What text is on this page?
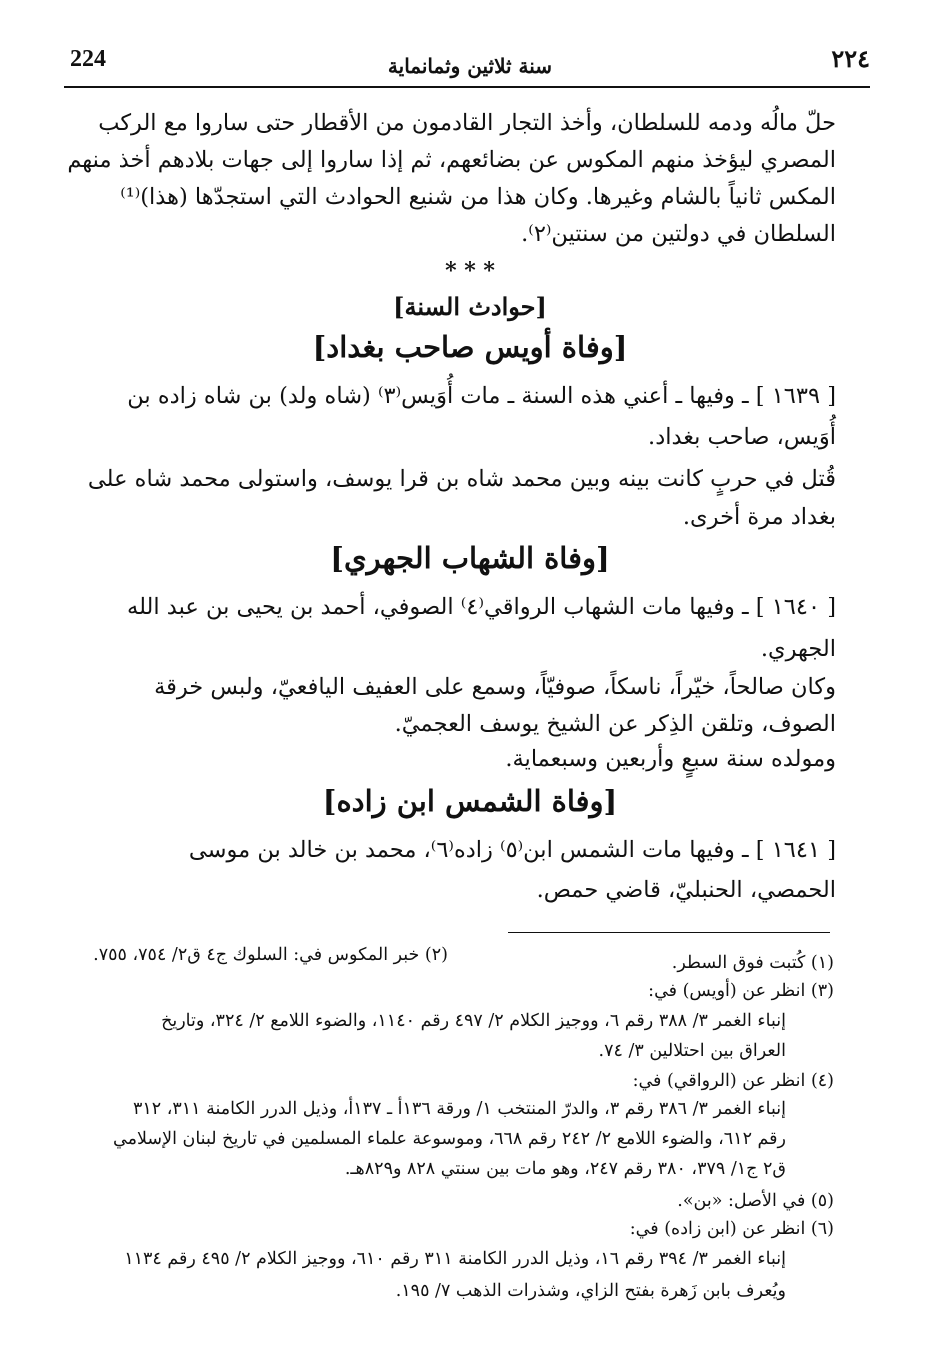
224	سنة ثلاثين وثمانماية	٢٢٤
حلّ مالُه ودمه للسلطان، وأخذ التجار القادمون من الأقطار حتى ساروا مع الركب
المصري ليؤخذ منهم المكوس عن بضائعهم، ثم إذا ساروا إلى جهات بلادهم أخذ منهم
المكس ثانياً بالشام وغيرها. وكان هذا من شنيع الحوادث التي استجدّها (هذا)⁽¹⁾
السلطان في دولتين من سنتين⁽٢⁾.
* * *
[حوادث السنة]
[وفاة أويس صاحب بغداد]
[ ١٦٣٩ ] ـ وفيها ـ أعني هذه السنة ـ مات أُوَيس⁽٣⁾ (شاه ولد) بن شاه زاده بن
أُوَيس، صاحب بغداد.
قُتل في حربٍ كانت بينه وبين محمد شاه بن قرا يوسف، واستولى محمد شاه على
بغداد مرة أخرى.
[وفاة الشهاب الجهري]
[ ١٦٤٠ ] ـ وفيها مات الشهاب الرواقي⁽٤⁾ الصوفي، أحمد بن يحيى بن عبد الله
الجهري.
وكان صالحاً، خيّراً، ناسكاً، صوفيّاً، وسمع على العفيف اليافعيّ، ولبس خرقة
الصوف، وتلقن الذِكر عن الشيخ يوسف العجميّ.
ومولده سنة سبعٍ وأربعين وسبعماية.
[وفاة الشمس ابن زاده]
[ ١٦٤١ ] ـ وفيها مات الشمس ابن⁽٥⁾ زاده⁽٦⁾، محمد بن خالد بن موسى
الحمصي، الحنبليّ، قاضي حمص.
(٢) خبر المكوس في: السلوك ج٤ ق٢/ ٧٥٤، ٧٥٥.	(١) كُتبت فوق السطر.
(٣) انظر عن (أويس) في:
إنباء الغمر ٣/ ٣٨٨ رقم ٦، ووجيز الكلام ٢/ ٤٩٧ رقم ١١٤٠، والضوء اللامع ٢/ ٣٢٤، وتاريخ
العراق بين احتلالين ٣/ ٧٤.
(٤) انظر عن (الرواقي) في:
إنباء الغمر ٣/ ٣٨٦ رقم ٣، والدرّ المنتخب ١/ ورقة ١٣٦أ ـ ١٣٧أ، وذيل الدرر الكامنة ٣١١، ٣١٢
رقم ٦١٢، والضوء اللامع ٢/ ٢٤٢ رقم ٦٦٨، وموسوعة علماء المسلمين في تاريخ لبنان الإسلامي
ق٢ ج١/ ٣٧٩، ٣٨٠ رقم ٢٤٧، وهو مات بين سنتي ٨٢٨ و٨٢٩هـ.
(٥) في الأصل: «بن».
(٦) انظر عن (ابن زاده) في:
إنباء الغمر ٣/ ٣٩٤ رقم ١٦، وذيل الدرر الكامنة ٣١١ رقم ٦١٠، ووجيز الكلام ٢/ ٤٩٥ رقم ١١٣٤
ويُعرف بابن زَهرة بفتح الزاي، وشذرات الذهب ٧/ ١٩٥.
